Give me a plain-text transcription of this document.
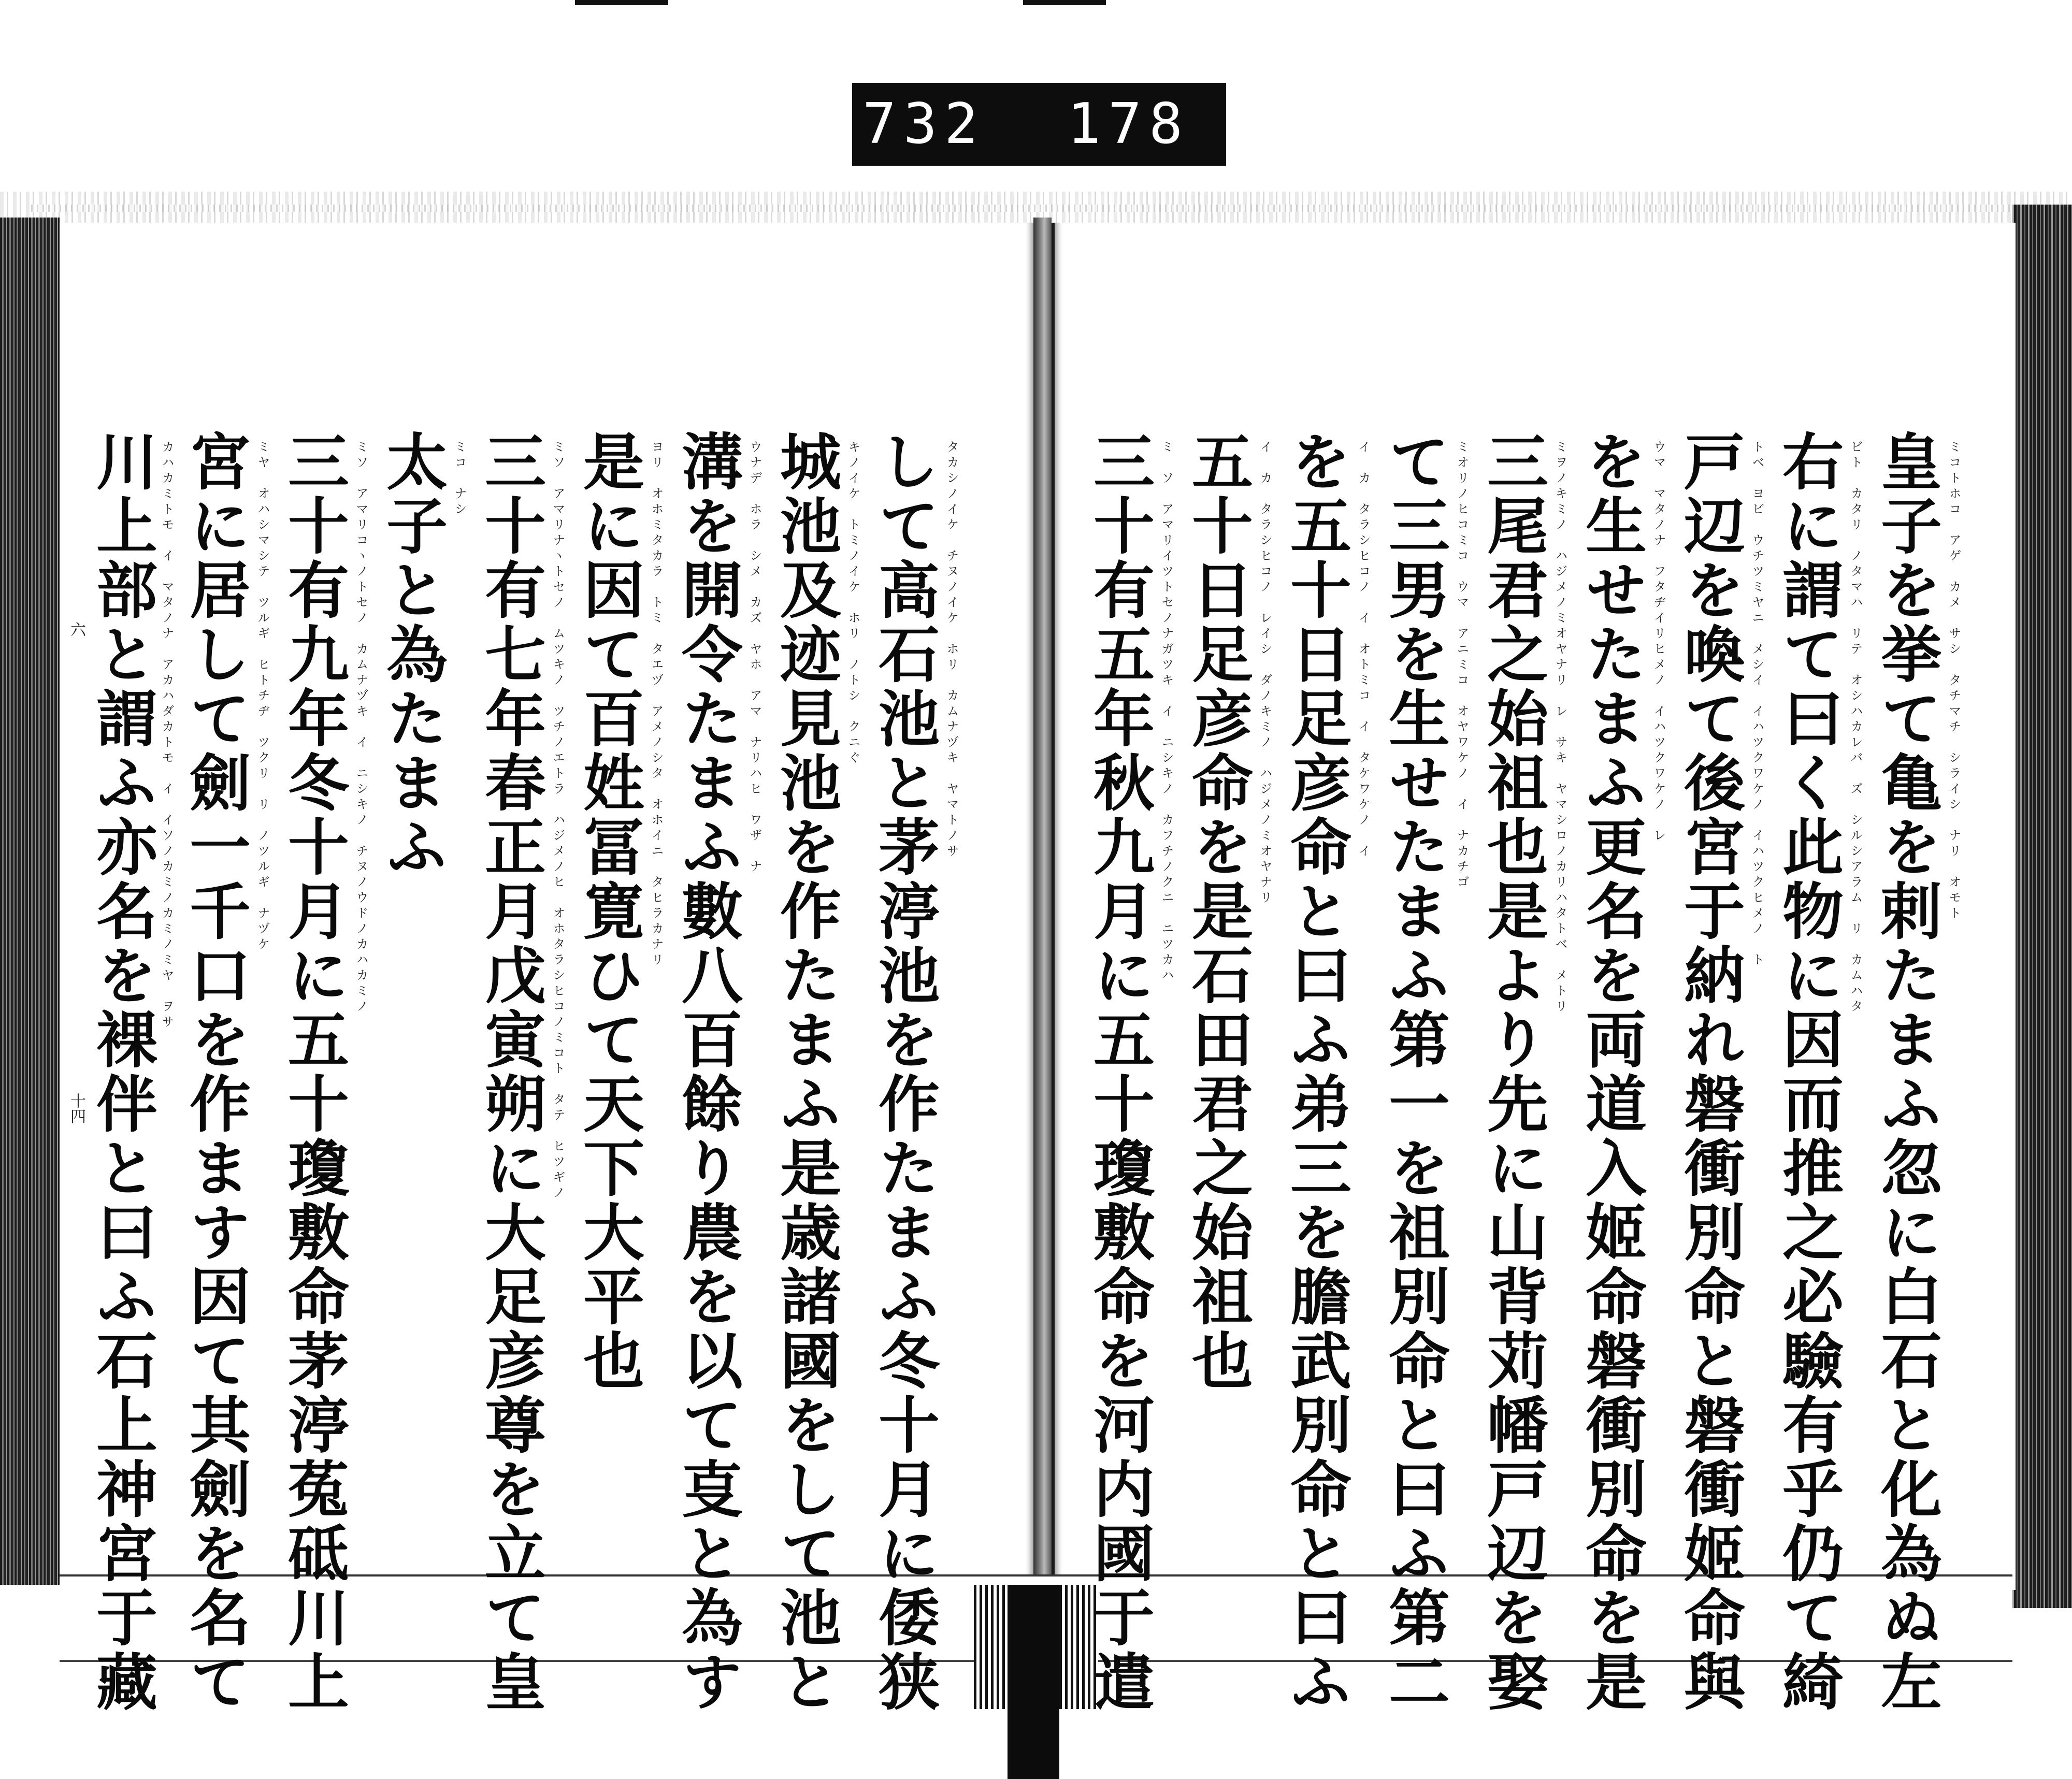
732  178
六
十四	皇子を挙て亀を剌たまふ忽に白石と化為ぬ左 ミコトホコ　アゲ　カメ　サシ　タチマチ　シライシ　ナリ　オモト
右に謂て曰く此物に因而推之必驗有乎仍て綺 ビト　カタリ　ノタマハ　リテ　オシハカレバ　ズ　シルシアラム　リ　カムハタ
戸辺を喚て後宮于納れ磐衝別命と磐衝姬命與 トベ　ヨビ　ウチツミヤニ　メシイ　イハツクワケノ　イハツクヒメノ　ト
を生せたまふ更名を両道入姬命磐衝別命を是 ウマ　マタノナ　フタヂイリヒメノ　イハツクワケノ　レ
三尾君之始祖也是より先に山背苅幡戸辺を娶 ミヲノキミノ　ハジメノミオヤナリ　レ　サキ　ヤマシロノカリハタトベ　メトリ
て三男を生せたまふ第一を祖別命と曰ふ第二 ミオリノヒコミコ　ウマ　アニミコ　オヤワケノ　イ　ナカチゴ
を五十日足彦命と曰ふ弟三を膽武別命と曰ふ イ　カ　タラシヒコノ　イ　オトミコ　イ　タケワケノ　イ
五十日足彦命を是石田君之始祖也 イ　カ　タラシヒコノ　レイシ　ダノキミノ　ハジメノミオヤナリ
三十有五年秋九月に五十瓊敷命を河内國于遣 ミ　ソ　アマリイツトセノナガツキ　イ　ニシキノ　カフチノクニ　ニツカハ
して高石池と茅渟池を作たまふ冬十月に倭狭 タカシノイケ　チヌノイケ　ホリ　カムナヅキ　ヤマトノサ
城池及迹見池を作たまふ是歳諸國をして池と キノイケ　トミノイケ　ホリ　ノトシ　クニぐ
溝を開令たまふ數八百餘り農を以て㕝と為す ウナデ　ホラ　シメ　カズ　ヤホ　アマ　ナリハヒ　ワザ　ナ
是に因て百姓冨寛ひて天下大平也 ヨリ　オホミタカラ　トミ　タエヅ　アメノシタ　オホイニ　タヒラカナリ
三十有七年春正月戊寅朔に大足彦尊を立て皇 ミソ　アマリナヽトセノ　ムツキノ　ツチノエトラ　ハジメノヒ　オホタラシヒコノミコト　タテ　ヒツギノ
太子と為たまふ ミコ　ナシ
三十有九年冬十月に五十瓊敷命茅渟菟砥川上 ミソ　アマリコヽノトセノ　カムナヅキ　イ　ニシキノ　チヌノウドノカハカミノ
宮に居して劍一千口を作ます因て其劍を名て ミヤ　オハシマシテ　ツルギ　ヒトチヂ　ツクリ　リ　ノツルギ　ナヅケ
川上部と謂ふ亦名を裸伴と曰ふ石上神宮于藏 カハカミトモ　イ　マタノナ　アカハダカトモ　イ　イソノカミノカミノミヤ　ヲサ
